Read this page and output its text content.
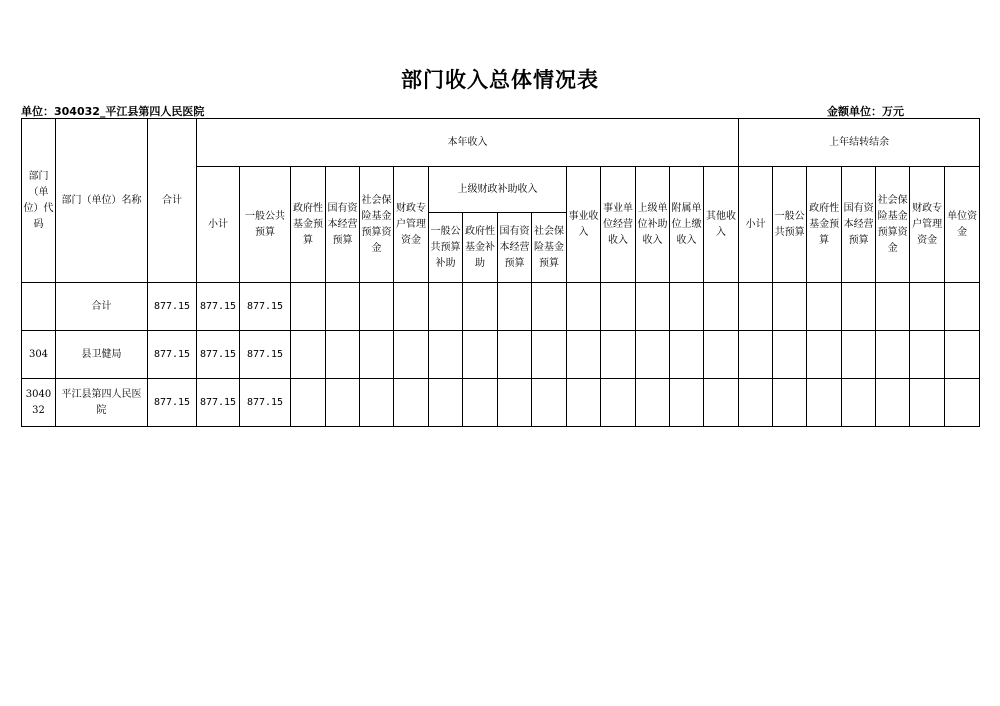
部门收入总体情况表
单位：304032_平江县第四人民医院	金额单位：万元
部门（单位）代码	部门（单位）名称	合计	本年收入															上年结转结余						
			小计	一般公共预算	政府性基金预算	国有资本经营预算	社会保险基金预算资金	财政专户管理资金	上级财政补助收入				事业收入	事业单位经营收入	上级单位补助收入	附属单位上缴收入	其他收入	小计	一般公共预算	政府性基金预算	国有资本经营预算	社会保险基金预算资金	财政专户管理资金	单位资金
									一般公共预算补助	政府性基金补助	国有资本经营预算	社会保险基金预算												
	合计	877.15	877.15	877.15																				
304	县卫健局	877.15	877.15	877.15																				
304032	平江县第四人民医院	877.15	877.15	877.15																				
